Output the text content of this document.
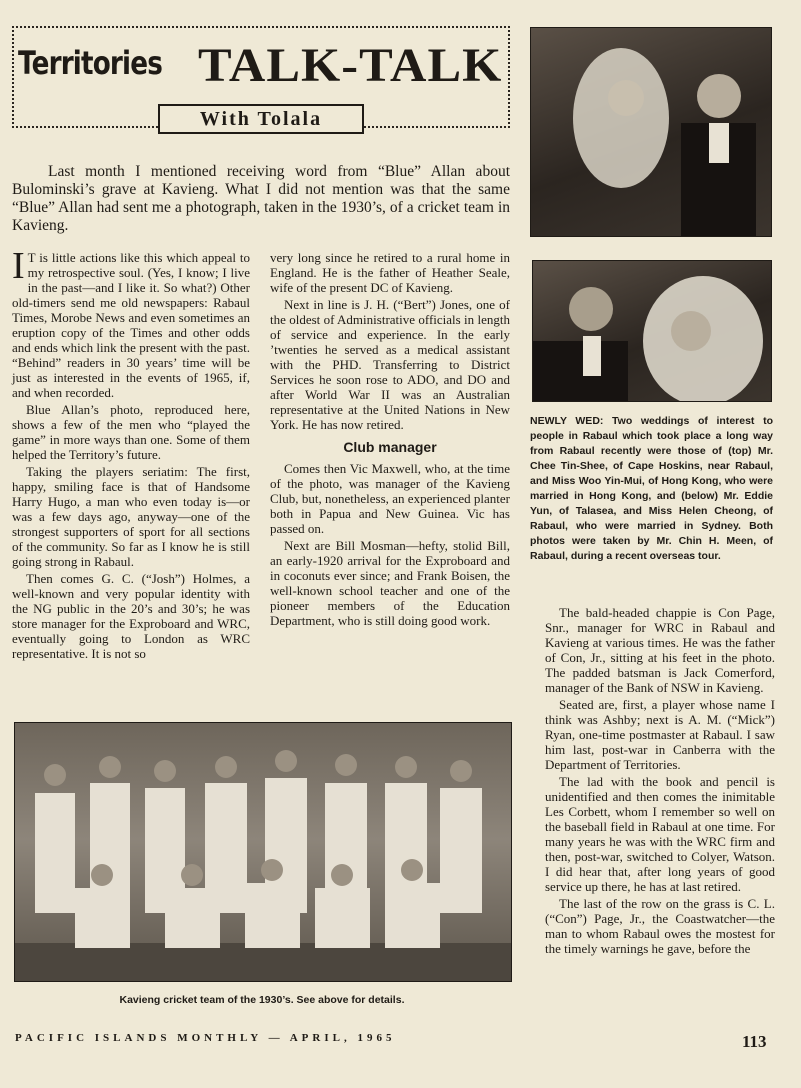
Territories TALK-TALK
With Tolala
Last month I mentioned receiving word from “Blue” Allan about Bulominski’s grave at Kavieng. What I did not mention was that the same “Blue” Allan had sent me a photograph, taken in the 1930’s, of a cricket team in Kavieng.

I T is little actions like this which appeal to my retrospective soul. (Yes, I know; I live in the past—and I like it. So what?) Other old-timers send me old newspapers: Rabaul Times, Morobe News and even sometimes an eruption copy of the Times and other odds and ends which link the present with the past. “Behind” readers in 30 years’ time will be just as interested in the events of 1965, if, and when recorded.

Blue Allan’s photo, reproduced here, shows a few of the men who “played the game” in more ways than one. Some of them helped the Territory’s future.

Taking the players seriatim: The first, happy, smiling face is that of Handsome Harry Hugo, a man who even today is—or was a few days ago, anyway—one of the strongest supporters of sport for all sections of the community. So far as I know he is still going strong in Rabaul.

Then comes G. C. (“Josh”) Holmes, a well-known and very popular identity with the NG public in the 20’s and 30’s; he was store manager for the Exproboard and WRC, eventually going to London as WRC representative. It is not so

very long since he retired to a rural home in England. He is the father of Heather Seale, wife of the present DC of Kavieng.

Next in line is J. H. (“Bert”) Jones, one of the oldest of Administrative officials in length of service and experience. In the early ’twenties he served as a medical assistant with the PHD. Transferring to District Services he soon rose to ADO, and DO and after World War II was an Australian representative at the United Nations in New York. He has now retired.

Club manager

Comes then Vic Maxwell, who, at the time of the photo, was manager of the Kavieng Club, but, nonetheless, an experienced planter both in Papua and New Guinea. Vic has passed on.

Next are Bill Mosman—hefty, stolid Bill, an early-1920 arrival for the Exproboard and in coconuts ever since; and Frank Boisen, the well-known school teacher and one of the pioneer members of the Education Department, who is still doing good work.

NEWLY WED: Two weddings of interest to people in Rabaul which took place a long way from Rabaul recently were those of (top) Mr. Chee Tin-Shee, of Cape Hoskins, near Rabaul, and Miss Woo Yin-Mui, of Hong Kong, who were married in Hong Kong, and (below) Mr. Eddie Yun, of Talasea, and Miss Helen Cheong, of Rabaul, who were married in Sydney. Both photos were taken by Mr. Chin H. Meen, of Rabaul, during a recent overseas tour.

The bald-headed chappie is Con Page, Snr., manager for WRC in Rabaul and Kavieng at various times. He was the father of Con, Jr., sitting at his feet in the photo. The padded batsman is Jack Comerford, manager of the Bank of NSW in Kavieng.

Seated are, first, a player whose name I think was Ashby; next is A. M. (“Mick”) Ryan, one-time postmaster at Rabaul. I saw him last, post-war in Canberra with the Department of Territories.

The lad with the book and pencil is unidentified and then comes the inimitable Les Corbett, whom I remember so well on the baseball field in Rabaul at one time. For many years he was with the WRC firm and then, post-war, switched to Colyer, Watson. I did hear that, after long years of good service up there, he has at last retired.

The last of the row on the grass is C. L. (“Con”) Page, Jr., the Coastwatcher—the man to whom Rabaul owes the mostest for the timely warnings he gave, before the

Kavieng cricket team of the 1930’s. See above for details.
PACIFIC ISLANDS MONTHLY — APRIL, 1965	113
